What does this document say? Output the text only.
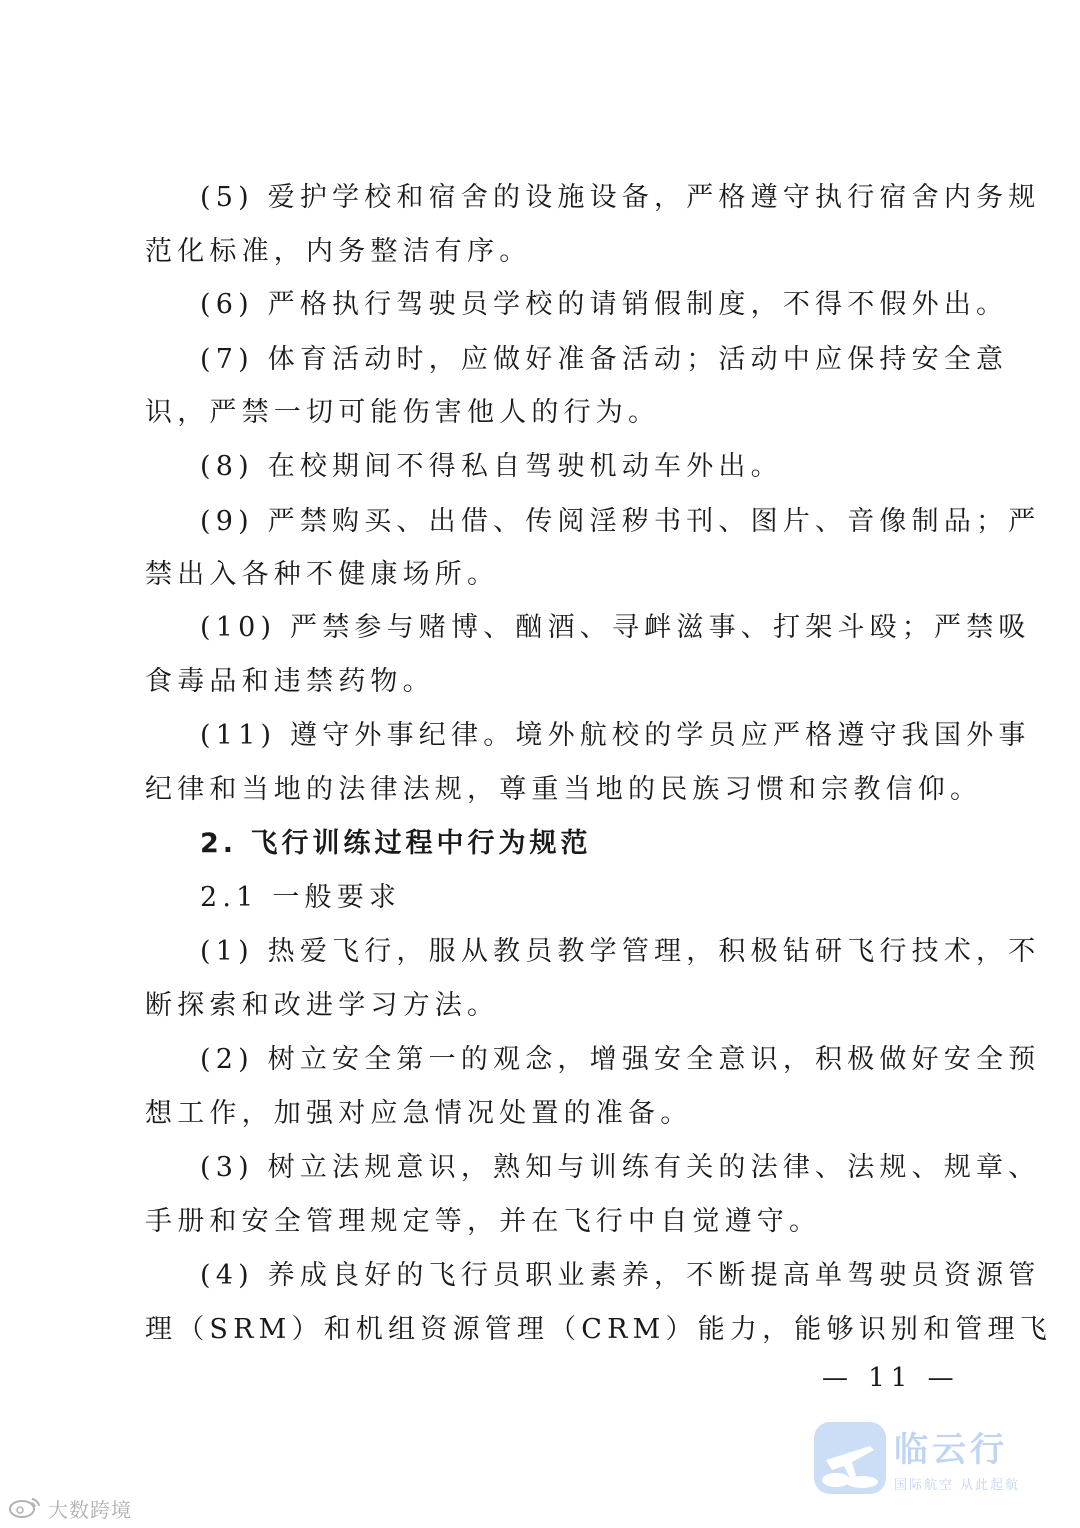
(5) 爱护学校和宿舍的设施设备，严格遵守执行宿舍内务规
范化标准，内务整洁有序。
(6) 严格执行驾驶员学校的请销假制度，不得不假外出。
(7) 体育活动时，应做好准备活动；活动中应保持安全意
识，严禁一切可能伤害他人的行为。
(8) 在校期间不得私自驾驶机动车外出。
(9) 严禁购买、出借、传阅淫秽书刊、图片、音像制品；严
禁出入各种不健康场所。
(10) 严禁参与赌博、酗酒、寻衅滋事、打架斗殴；严禁吸
食毒品和违禁药物。
(11) 遵守外事纪律。境外航校的学员应严格遵守我国外事
纪律和当地的法律法规，尊重当地的民族习惯和宗教信仰。
2. 飞行训练过程中行为规范
2.1 一般要求
(1) 热爱飞行，服从教员教学管理，积极钻研飞行技术，不
断探索和改进学习方法。
(2) 树立安全第一的观念，增强安全意识，积极做好安全预
想工作，加强对应急情况处置的准备。
(3) 树立法规意识，熟知与训练有关的法律、法规、规章、
手册和安全管理规定等，并在飞行中自觉遵守。
(4) 养成良好的飞行员职业素养，不断提高单驾驶员资源管
理（SRM）和机组资源管理（CRM）能力，能够识别和管理飞
— 11 —
临云行
国际航空 从此起航
大数跨境
